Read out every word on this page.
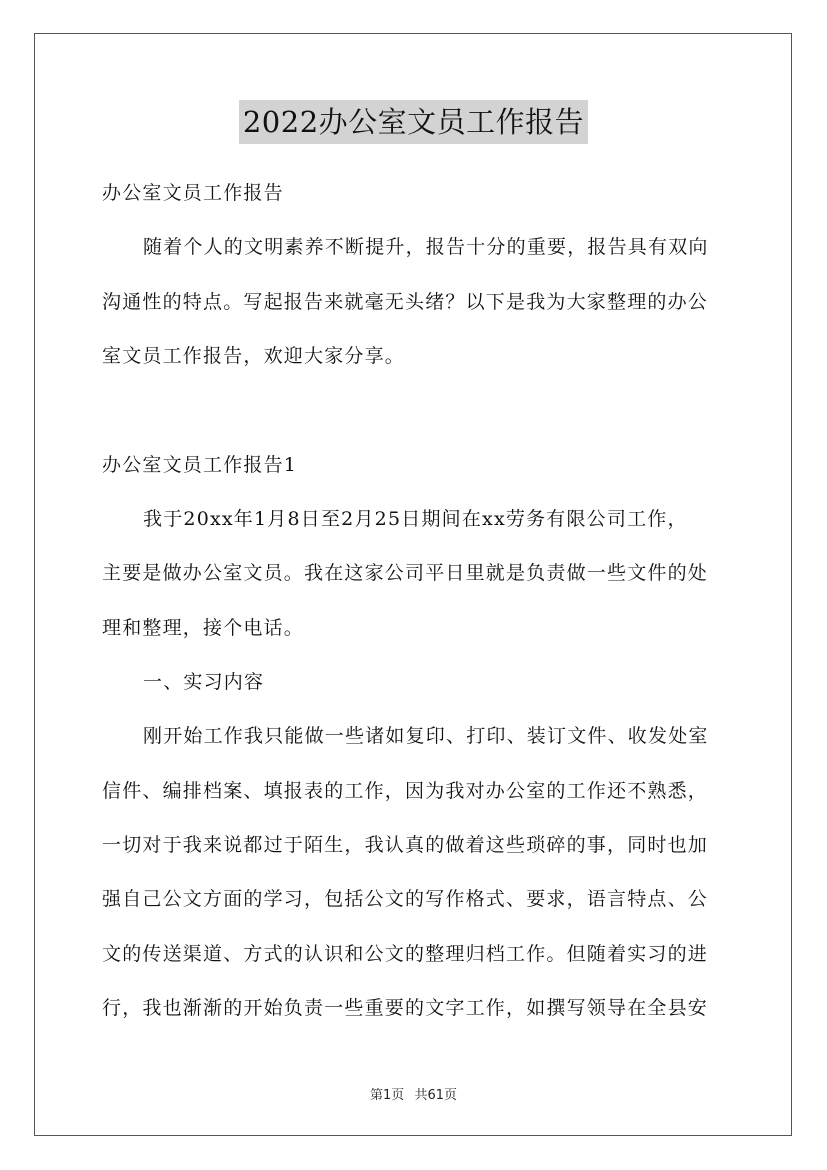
2022办公室文员工作报告
办公室文员工作报告
随着个人的文明素养不断提升，报告十分的重要，报告具有双向
沟通性的特点。写起报告来就毫无头绪？以下是我为大家整理的办公
室文员工作报告，欢迎大家分享。
办公室文员工作报告1
我于20xx年1月8日至2月25日期间在xx劳务有限公司工作，
主要是做办公室文员。我在这家公司平日里就是负责做一些文件的处
理和整理，接个电话。
一、实习内容
刚开始工作我只能做一些诸如复印、打印、装订文件、收发处室
信件、编排档案、填报表的工作，因为我对办公室的工作还不熟悉，
一切对于我来说都过于陌生，我认真的做着这些琐碎的事，同时也加
强自己公文方面的学习，包括公文的写作格式、要求，语言特点、公
文的传送渠道、方式的认识和公文的整理归档工作。但随着实习的进
行，我也渐渐的开始负责一些重要的文字工作，如撰写领导在全县安
第1页 共61页
